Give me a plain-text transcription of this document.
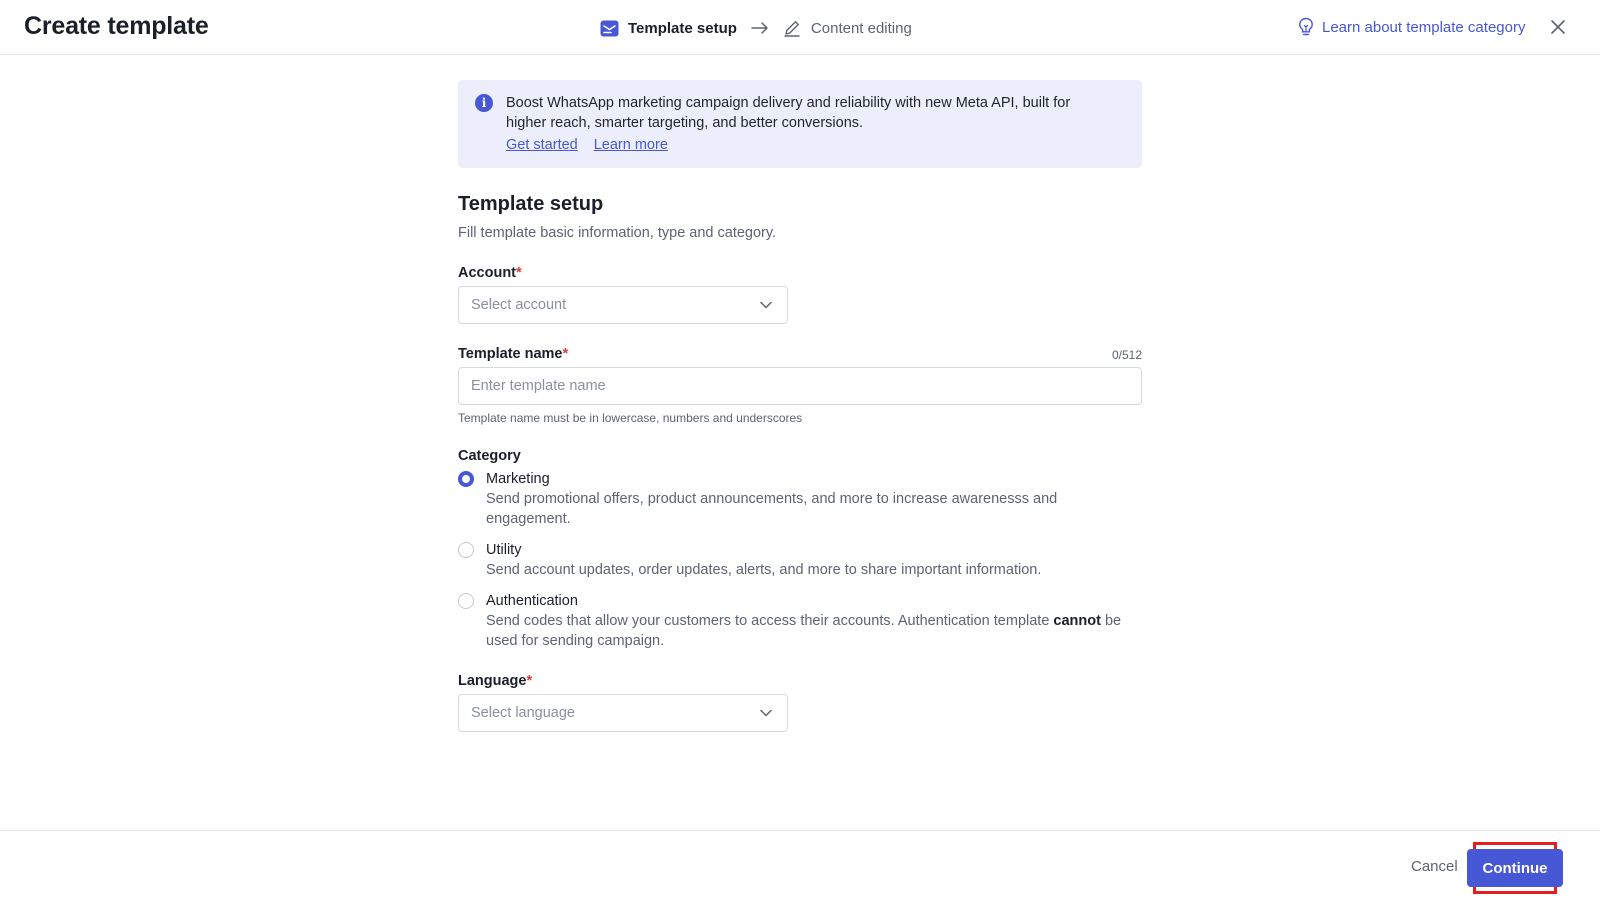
Create template	Template setup	Content editing	Learn about template category
i	Boost WhatsApp marketing campaign delivery and reliability with new Meta API, built for higher reach, smarter targeting, and better conversions.
Get started Learn more
Template setup
Fill template basic information, type and category.
Account*
Select account
Template name*	0/512
Enter template name
Template name must be in lowercase, numbers and underscores
Category
Marketing
Send promotional offers, product announcements, and more to increase awarenesss and engagement.
Utility
Send account updates, order updates, alerts, and more to share important information.
Authentication
Send codes that allow your customers to access their accounts. Authentication template cannot be used for sending campaign.
Language*
Select language
Cancel	Continue
